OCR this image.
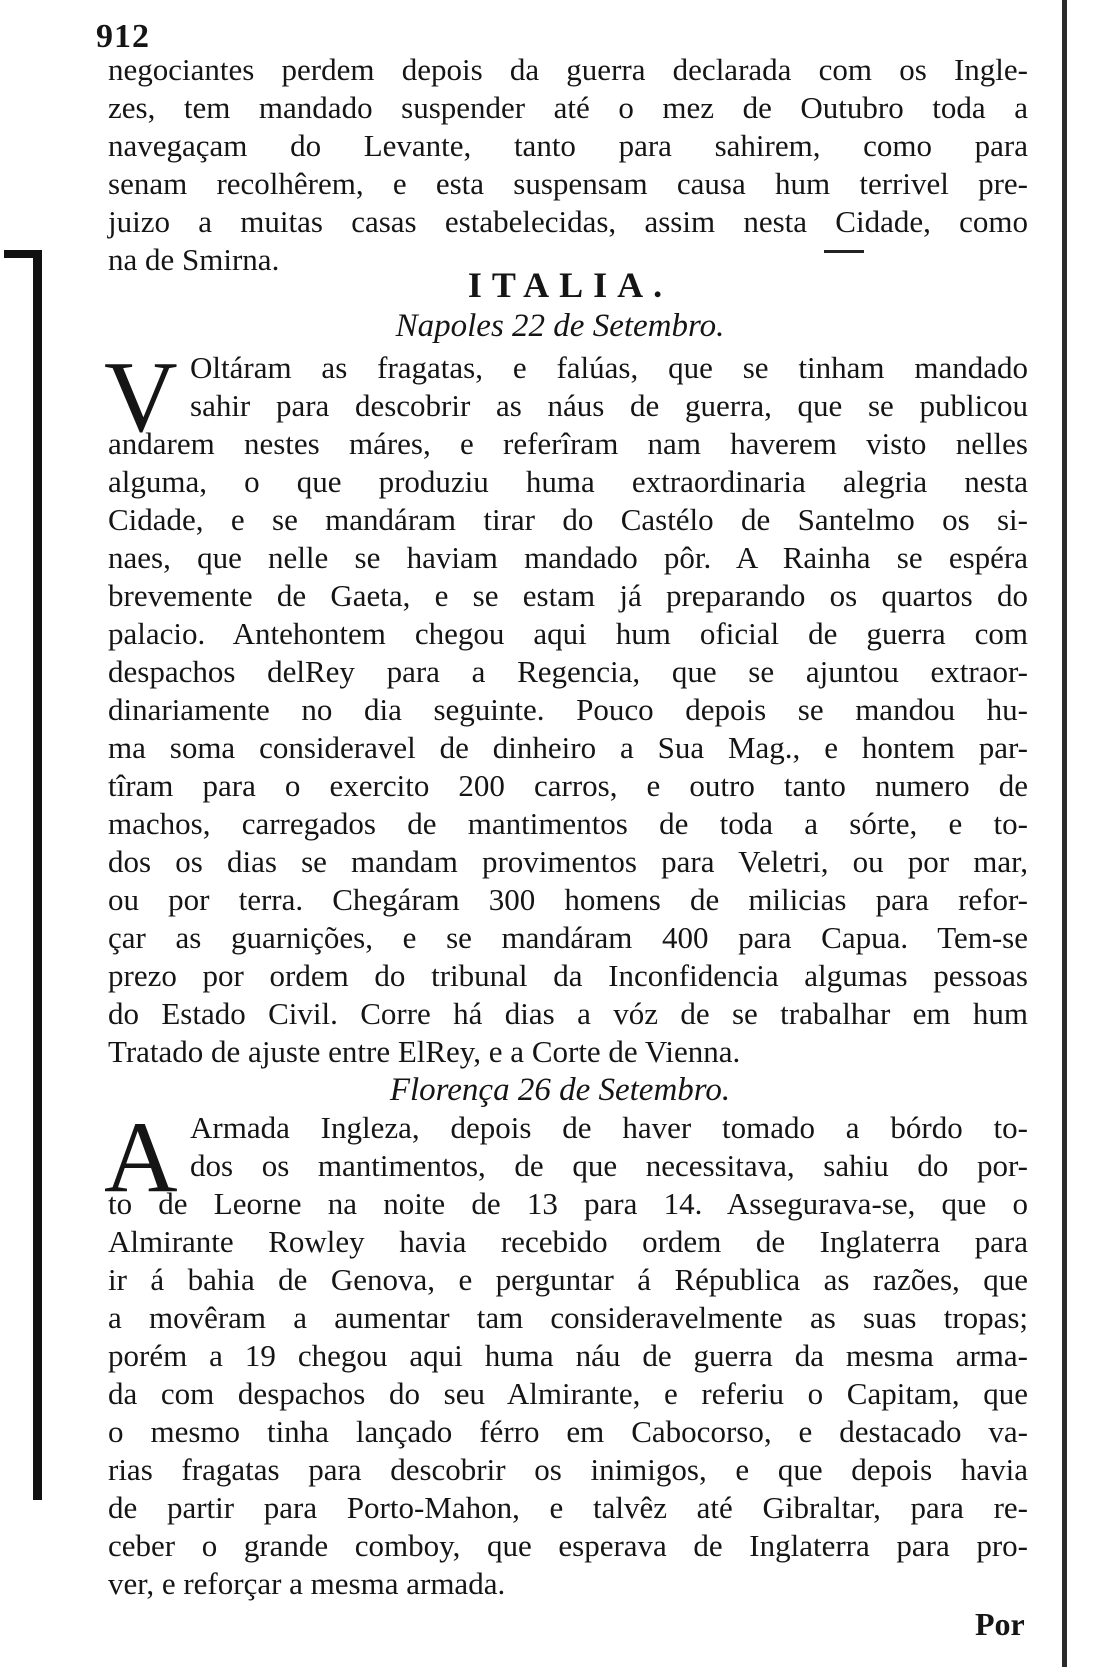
912
negociantes perdem depois da guerra declarada com os Ingle-
zes, tem mandado suspender até o mez de Outubro toda a
navegaçam do Levante, tanto para sahirem, como para
senam recolhêrem, e esta suspensam causa hum terrivel pre-
juizo a muitas casas estabelecidas, assim nesta Cidade, como
na de Smirna.
ITALIA.
Napoles 22 de Setembro.
V Oltáram as fragatas, e falúas, que se tinham mandado
sahir para descobrir as náus de guerra, que se publicou
andarem nestes máres, e referîram nam haverem visto nelles
alguma, o que produziu huma extraordinaria alegria nesta
Cidade, e se mandáram tirar do Castélo de Santelmo os si-
naes, que nelle se haviam mandado pôr. A Rainha se espéra
brevemente de Gaeta, e se estam já preparando os quartos do
palacio. Antehontem chegou aqui hum oficial de guerra com
despachos delRey para a Regencia, que se ajuntou extraor-
dinariamente no dia seguinte. Pouco depois se mandou hu-
ma soma consideravel de dinheiro a Sua Mag., e hontem par-
tîram para o exercito 200 carros, e outro tanto numero de
machos, carregados de mantimentos de toda a sórte, e to-
dos os dias se mandam provimentos para Veletri, ou por mar,
ou por terra. Chegáram 300 homens de milicias para refor-
çar as guarnições, e se mandáram 400 para Capua. Tem-se
prezo por ordem do tribunal da Inconfidencia algumas pessoas
do Estado Civil. Corre há dias a vóz de se trabalhar em hum
Tratado de ajuste entre ElRey, e a Corte de Vienna.
Florença 26 de Setembro.
A Armada Ingleza, depois de haver tomado a bórdo to-
dos os mantimentos, de que necessitava, sahiu do por-
to de Leorne na noite de 13 para 14. Assegurava-se, que o
Almirante Rowley havia recebido ordem de Inglaterra para
ir á bahia de Genova, e perguntar á Républica as razões, que
a movêram a aumentar tam consideravelmente as suas tropas;
porém a 19 chegou aqui huma náu de guerra da mesma arma-
da com despachos do seu Almirante, e referiu o Capitam, que
o mesmo tinha lançado férro em Cabocorso, e destacado va-
rias fragatas para descobrir os inimigos, e que depois havia
de partir para Porto-Mahon, e talvêz até Gibraltar, para re-
ceber o grande comboy, que esperava de Inglaterra para pro-
ver, e reforçar a mesma armada.
Por
